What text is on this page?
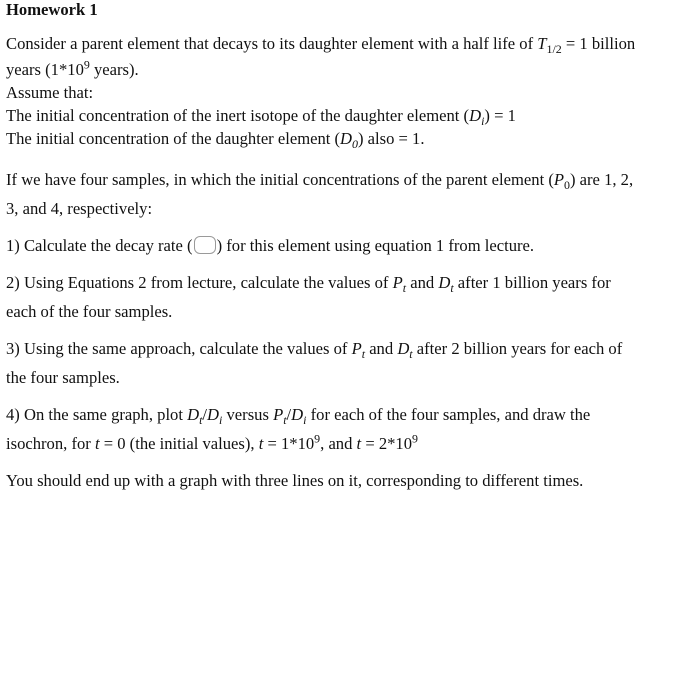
Homework 1

Consider a parent element that decays to its daughter element with a half life of $T_{1/2} = 1$ billion

years ($1*10^9$ years).

Assume that:

The initial concentration of the inert isotope of the daughter element $(D_i) = 1$

The initial concentration of the daughter element $(D_0)$ also = 1.

If we have four samples, in which the initial concentrations of the parent element $(P_0)$ are 1, 2,
3, and 4, respectively:

1) Calculate the decay rate ( ) for this element using equation 1 from lecture.

2) Using Equations 2 from lecture, calculate the values of $P_t$ and $D_t$ after 1 billion years for
each of the four samples.

3) Using the same approach, calculate the values of $P_t$ and $D_t$ after 2 billion years for each of
the four samples.

4) On the same graph, plot $D_t/D_i$ versus $P_t/D_i$ for each of the four samples, and draw the
isochron, for t = 0 (the initial values), $t = 1*10^9$, and $t = 2*10^9$

You should end up with a graph with three lines on it, corresponding to different times.
